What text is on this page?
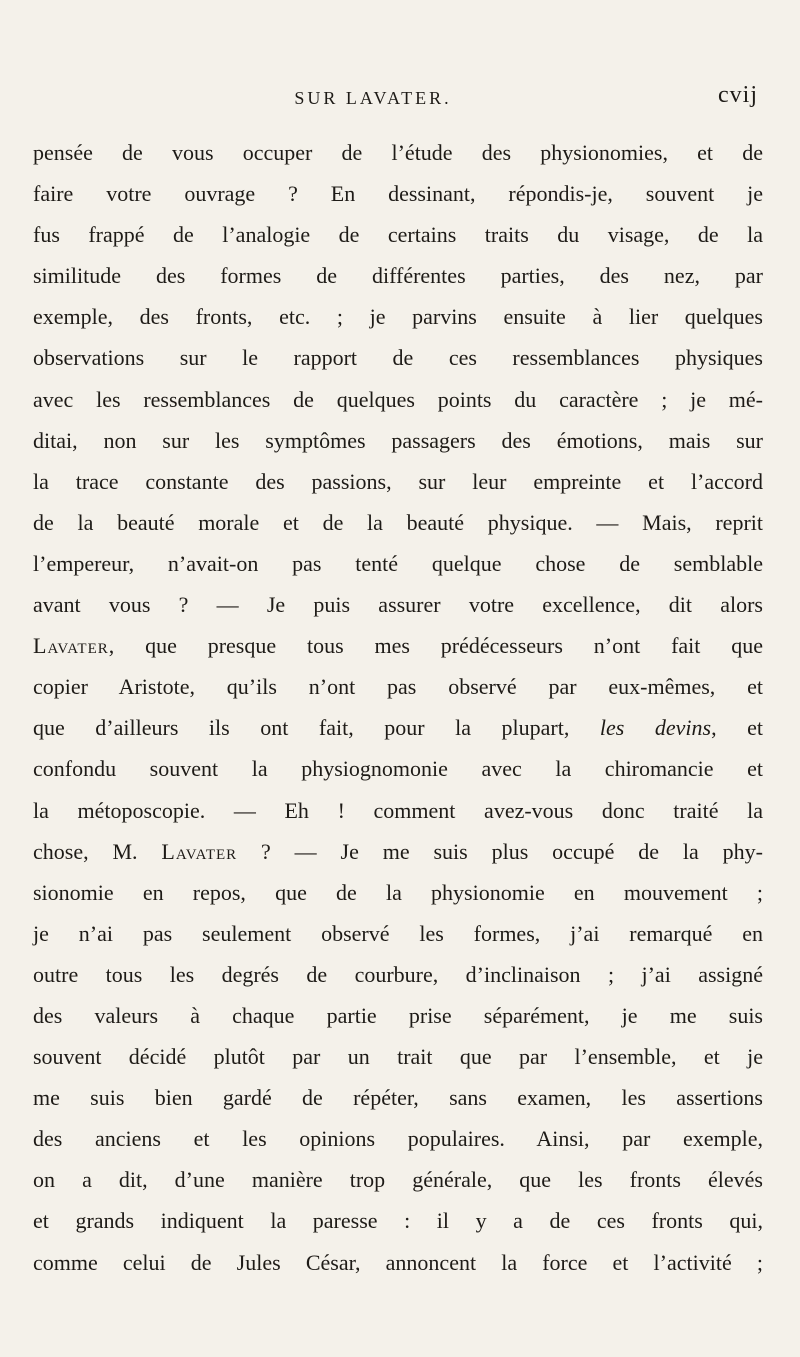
SUR LAVATER.	cvij
pensée de vous occuper de l’étude des physionomies, et de
faire votre ouvrage ? En dessinant, répondis-je, souvent je
fus frappé de l’analogie de certains traits du visage, de la
similitude des formes de différentes parties, des nez, par
exemple, des fronts, etc. ; je parvins ensuite à lier quelques
observations sur le rapport de ces ressemblances physiques
avec les ressemblances de quelques points du caractère ; je mé-
ditai, non sur les symptômes passagers des émotions, mais sur
la trace constante des passions, sur leur empreinte et l’accord
de la beauté morale et de la beauté physique. — Mais, reprit
l’empereur, n’avait-on pas tenté quelque chose de semblable
avant vous ? — Je puis assurer votre excellence, dit alors
Lavater, que presque tous mes prédécesseurs n’ont fait que
copier Aristote, qu’ils n’ont pas observé par eux-mêmes, et
que d’ailleurs ils ont fait, pour la plupart, les devins, et
confondu souvent la physiognomonie avec la chiromancie et
la métoposcopie. — Eh ! comment avez-vous donc traité la
chose, M. Lavater ? — Je me suis plus occupé de la phy-
sionomie en repos, que de la physionomie en mouvement ;
je n’ai pas seulement observé les formes, j’ai remarqué en
outre tous les degrés de courbure, d’inclinaison ; j’ai assigné
des valeurs à chaque partie prise séparément, je me suis
souvent décidé plutôt par un trait que par l’ensemble, et je
me suis bien gardé de répéter, sans examen, les assertions
des anciens et les opinions populaires. Ainsi, par exemple,
on a dit, d’une manière trop générale, que les fronts élevés
et grands indiquent la paresse : il y a de ces fronts qui,
comme celui de Jules César, annoncent la force et l’activité ;
